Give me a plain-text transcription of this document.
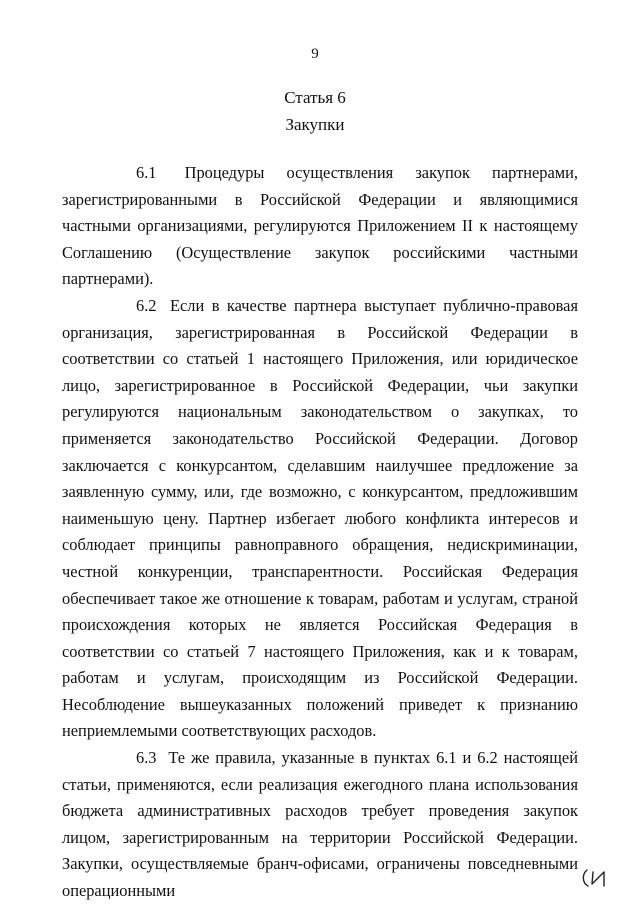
9
Статья 6
Закупки

6.1 Процедуры осуществления закупок партнерами, зарегистрированными в Российской Федерации и являющимися частными организациями, регулируются Приложением II к настоящему Соглашению (Осуществление закупок российскими частными партнерами).

6.2 Если в качестве партнера выступает публично-правовая организация, зарегистрированная в Российской Федерации в соответствии со статьей 1 настоящего Приложения, или юридическое лицо, зарегистрированное в Российской Федерации, чьи закупки регулируются национальным законодательством о закупках, то применяется законодательство Российской Федерации. Договор заключается с конкурсантом, сделавшим наилучшее предложение за заявленную сумму, или, где возможно, с конкурсантом, предложившим наименьшую цену. Партнер избегает любого конфликта интересов и соблюдает принципы равноправного обращения, недискриминации, честной конкуренции, транспарентности. Российская Федерация обеспечивает такое же отношение к товарам, работам и услугам, страной происхождения которых не является Российская Федерация в соответствии со статьей 7 настоящего Приложения, как и к товарам, работам и услугам, происходящим из Российской Федерации. Несоблюдение вышеуказанных положений приведет к признанию неприемлемыми соответствующих расходов.

6.3 Те же правила, указанные в пунктах 6.1 и 6.2 настоящей статьи, применяются, если реализация ежегодного плана использования бюджета административных расходов требует проведения закупок лицом, зарегистрированным на территории Российской Федерации. Закупки, осуществляемые бранч-офисами, ограничены повседневными операционными
